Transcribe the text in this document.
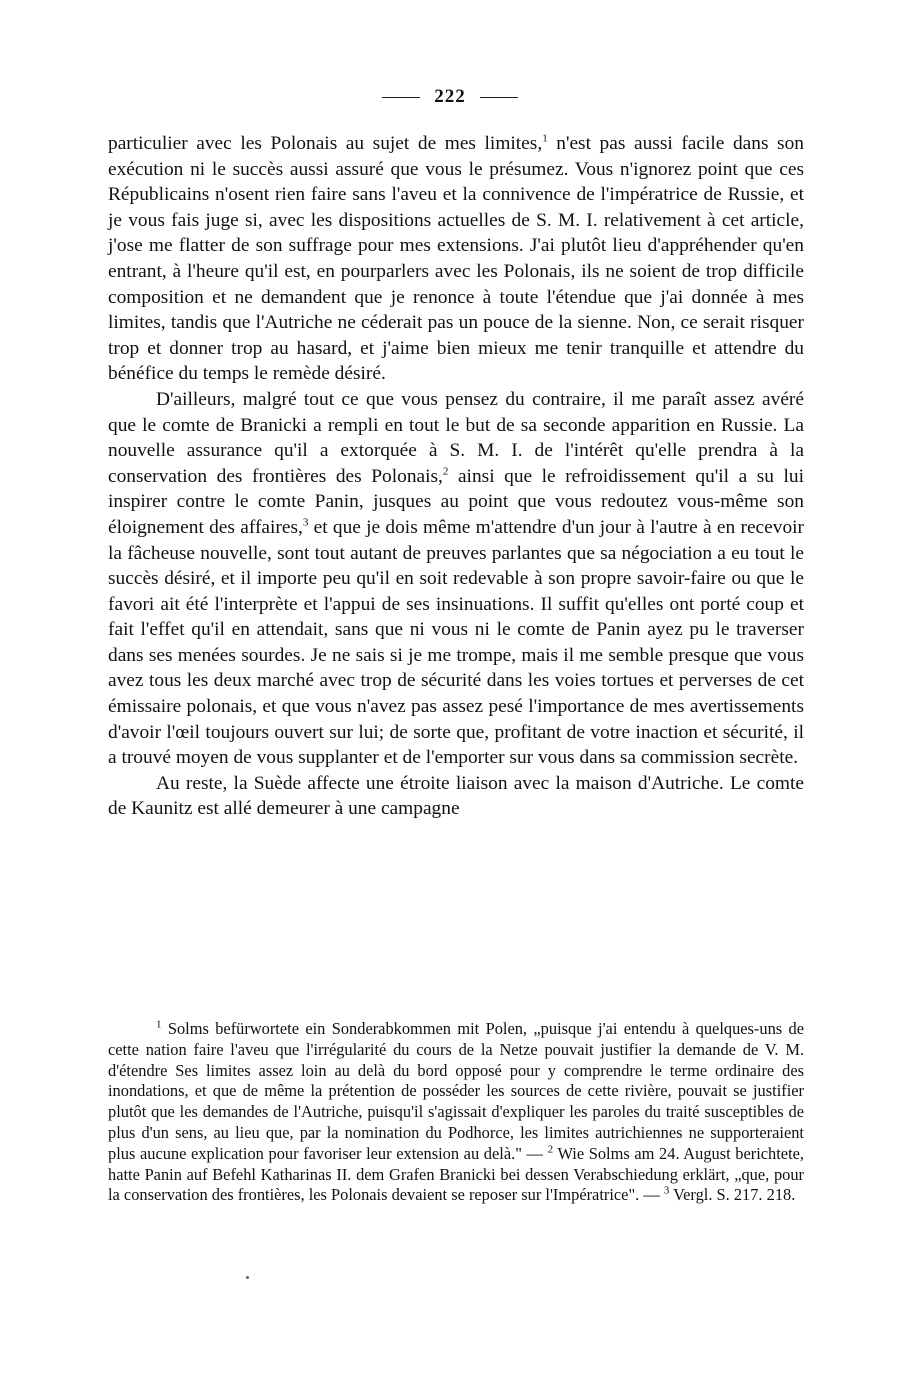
222

particulier avec les Polonais au sujet de mes limites,$^1$ n'est pas aussi facile dans son exécution ni le succès aussi assuré que vous le présumez. Vous n'ignorez point que ces Républicains n'osent rien faire sans l'aveu et la connivence de l'impératrice de Russie, et je vous fais juge si, avec les dispositions actuelles de S. M. I. relativement à cet article, j'ose me flatter de son suffrage pour mes extensions. J'ai plutôt lieu d'appréhender qu'en entrant, à l'heure qu'il est, en pourparlers avec les Polonais, ils ne soient de trop difficile composition et ne demandent que je renonce à toute l'étendue que j'ai donnée à mes limites, tandis que l'Autriche ne céderait pas un pouce de la sienne. Non, ce serait risquer trop et donner trop au hasard, et j'aime bien mieux me tenir tranquille et attendre du bénéfice du temps le remède désiré.

D'ailleurs, malgré tout ce que vous pensez du contraire, il me paraît assez avéré que le comte de Branicki a rempli en tout le but de sa seconde apparition en Russie. La nouvelle assurance qu'il a extorquée à S. M. I. de l'intérêt qu'elle prendra à la conservation des frontières des Polonais,$^2$ ainsi que le refroidissement qu'il a su lui inspirer contre le comte Panin, jusques au point que vous redoutez vous-même son éloignement des affaires,$^3$ et que je dois même m'attendre d'un jour à l'autre à en recevoir la fâcheuse nouvelle, sont tout autant de preuves parlantes que sa négociation a eu tout le succès désiré, et il importe peu qu'il en soit redevable à son propre savoir-faire ou que le favori ait été l'interprète et l'appui de ses insinuations. Il suffit qu'elles ont porté coup et fait l'effet qu'il en attendait, sans que ni vous ni le comte de Panin ayez pu le traverser dans ses menées sourdes. Je ne sais si je me trompe, mais il me semble presque que vous avez tous les deux marché avec trop de sécurité dans les voies tortues et perverses de cet émissaire polonais, et que vous n'avez pas assez pesé l'importance de mes avertissements d'avoir l'œil toujours ouvert sur lui; de sorte que, profitant de votre inaction et sécurité, il a trouvé moyen de vous supplanter et de l'emporter sur vous dans sa commission secrète.

Au reste, la Suède affecte une étroite liaison avec la maison d'Autriche. Le comte de Kaunitz est allé demeurer à une campagne

$^1$ Solms befürwortete ein Sonderabkommen mit Polen, „puisque j'ai entendu à quelques-uns de cette nation faire l'aveu que l'irrégularité du cours de la Netze pouvait justifier la demande de V. M. d'étendre Ses limites assez loin au delà du bord opposé pour y comprendre le terme ordinaire des inondations, et que de même la prétention de posséder les sources de cette rivière, pouvait se justifier plutôt que les demandes de l'Autriche, puisqu'il s'agissait d'expliquer les paroles du traité susceptibles de plus d'un sens, au lieu que, par la nomination du Podhorce, les limites autrichiennes ne supporteraient plus aucune explication pour favoriser leur extension au delà." — $^2$ Wie Solms am 24. August berichtete, hatte Panin auf Befehl Katharinas II. dem Grafen Branicki bei dessen Verabschiedung erklärt, „que, pour la conservation des frontières, les Polonais devaient se reposer sur l'Impératrice". — $^3$ Vergl. S. 217. 218.
